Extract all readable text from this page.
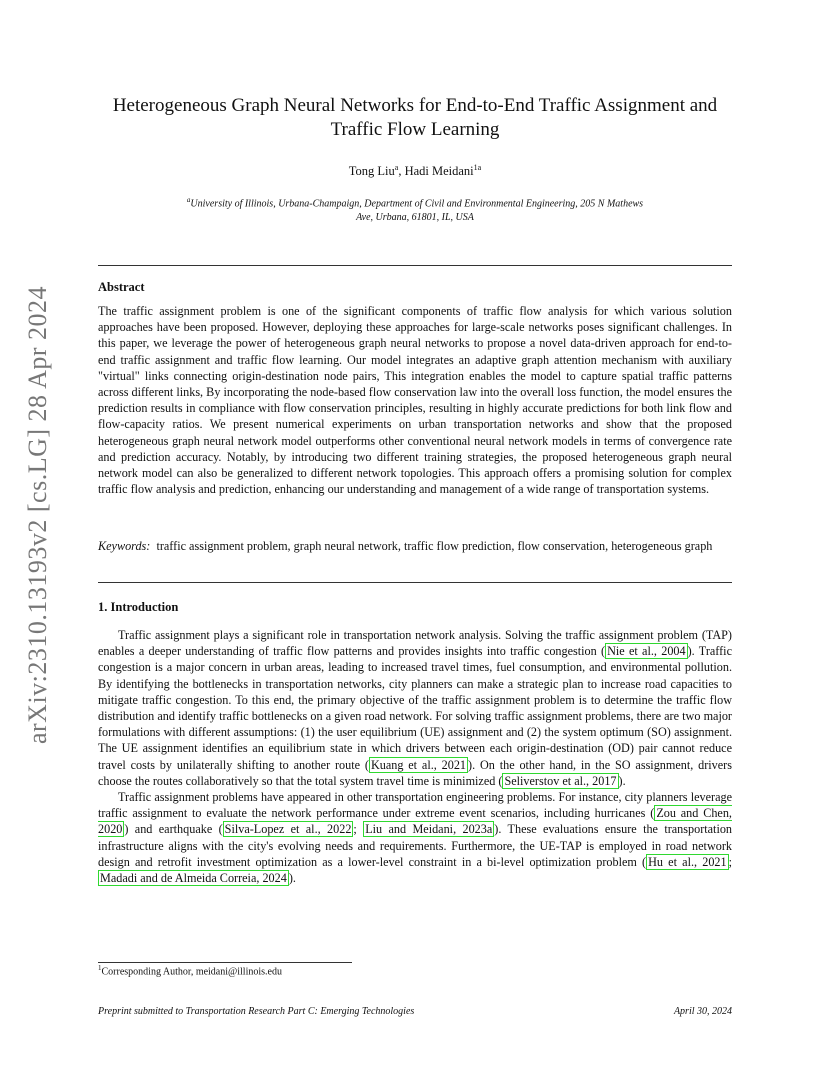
arXiv:2310.13193v2 [cs.LG] 28 Apr 2024
Heterogeneous Graph Neural Networks for End-to-End Traffic Assignment and
Traffic Flow Learning
Tong Liu$^a$, Hadi Meidani$^{1a}$
$^a$University of Illinois, Urbana-Champaign, Department of Civil and Environmental Engineering, 205 N Mathews
Ave, Urbana, 61801, IL, USA
Abstract
The traffic assignment problem is one of the significant components of traffic flow analysis for which various solution approaches have been proposed. However, deploying these approaches for large-scale networks poses significant challenges. In this paper, we leverage the power of heterogeneous graph neural networks to propose a novel data-driven approach for end-to-end traffic assignment and traffic flow learning. Our model integrates an adaptive graph attention mechanism with auxiliary "virtual" links connecting origin-destination node pairs, This integration enables the model to capture spatial traffic patterns across different links, By incorporating the node-based flow conservation law into the overall loss function, the model ensures the prediction results in compliance with flow conservation principles, resulting in highly accurate predictions for both link flow and flow-capacity ratios. We present numerical experiments on urban transportation networks and show that the proposed heterogeneous graph neural network model outperforms other conventional neural network models in terms of convergence rate and prediction accuracy. Notably, by introducing two different training strategies, the proposed heterogeneous graph neural network model can also be generalized to different network topologies. This approach offers a promising solution for complex traffic flow analysis and prediction, enhancing our understanding and management of a wide range of transportation systems.
Keywords: traffic assignment problem, graph neural network, traffic flow prediction, flow conservation, heterogeneous graph
1. Introduction

Traffic assignment plays a significant role in transportation network analysis. Solving the traffic assignment problem (TAP) enables a deeper understanding of traffic flow patterns and provides insights into traffic congestion ( Nie et al., 2004 ). Traffic congestion is a major concern in urban areas, leading to increased travel times, fuel consumption, and environmental pollution. By identifying the bottlenecks in transportation networks, city planners can make a strategic plan to increase road capacities to mitigate traffic congestion. To this end, the primary objective of the traffic assignment problem is to determine the traffic flow distribution and identify traffic bottlenecks on a given road network. For solving traffic assignment problems, there are two major formulations with different assumptions: (1) the user equilibrium (UE) assignment and (2) the system optimum (SO) assignment. The UE assignment identifies an equilibrium state in which drivers between each origin-destination (OD) pair cannot reduce travel costs by unilaterally shifting to another route ( Kuang et al., 2021 ). On the other hand, in the SO assignment, drivers choose the routes collaboratively so that the total system travel time is minimized ( Seliverstov et al., 2017 ).

Traffic assignment problems have appeared in other transportation engineering problems. For instance, city planners leverage traffic assignment to evaluate the network performance under extreme event scenarios, including hurricanes ( Zou and Chen, 2020 ) and earthquake ( Silva-Lopez et al., 2022 ; Liu and Meidani, 2023a ). These evaluations ensure the transportation infrastructure aligns with the city's evolving needs and requirements. Furthermore, the UE-TAP is employed in road network design and retrofit investment optimization as a lower-level constraint in a bi-level optimization problem ( Hu et al., 2021 ; Madadi and de Almeida Correia, 2024 ).

$^1$Corresponding Author, meidani@illinois.edu
Preprint submitted to Transportation Research Part C: Emerging Technologies	April 30, 2024
